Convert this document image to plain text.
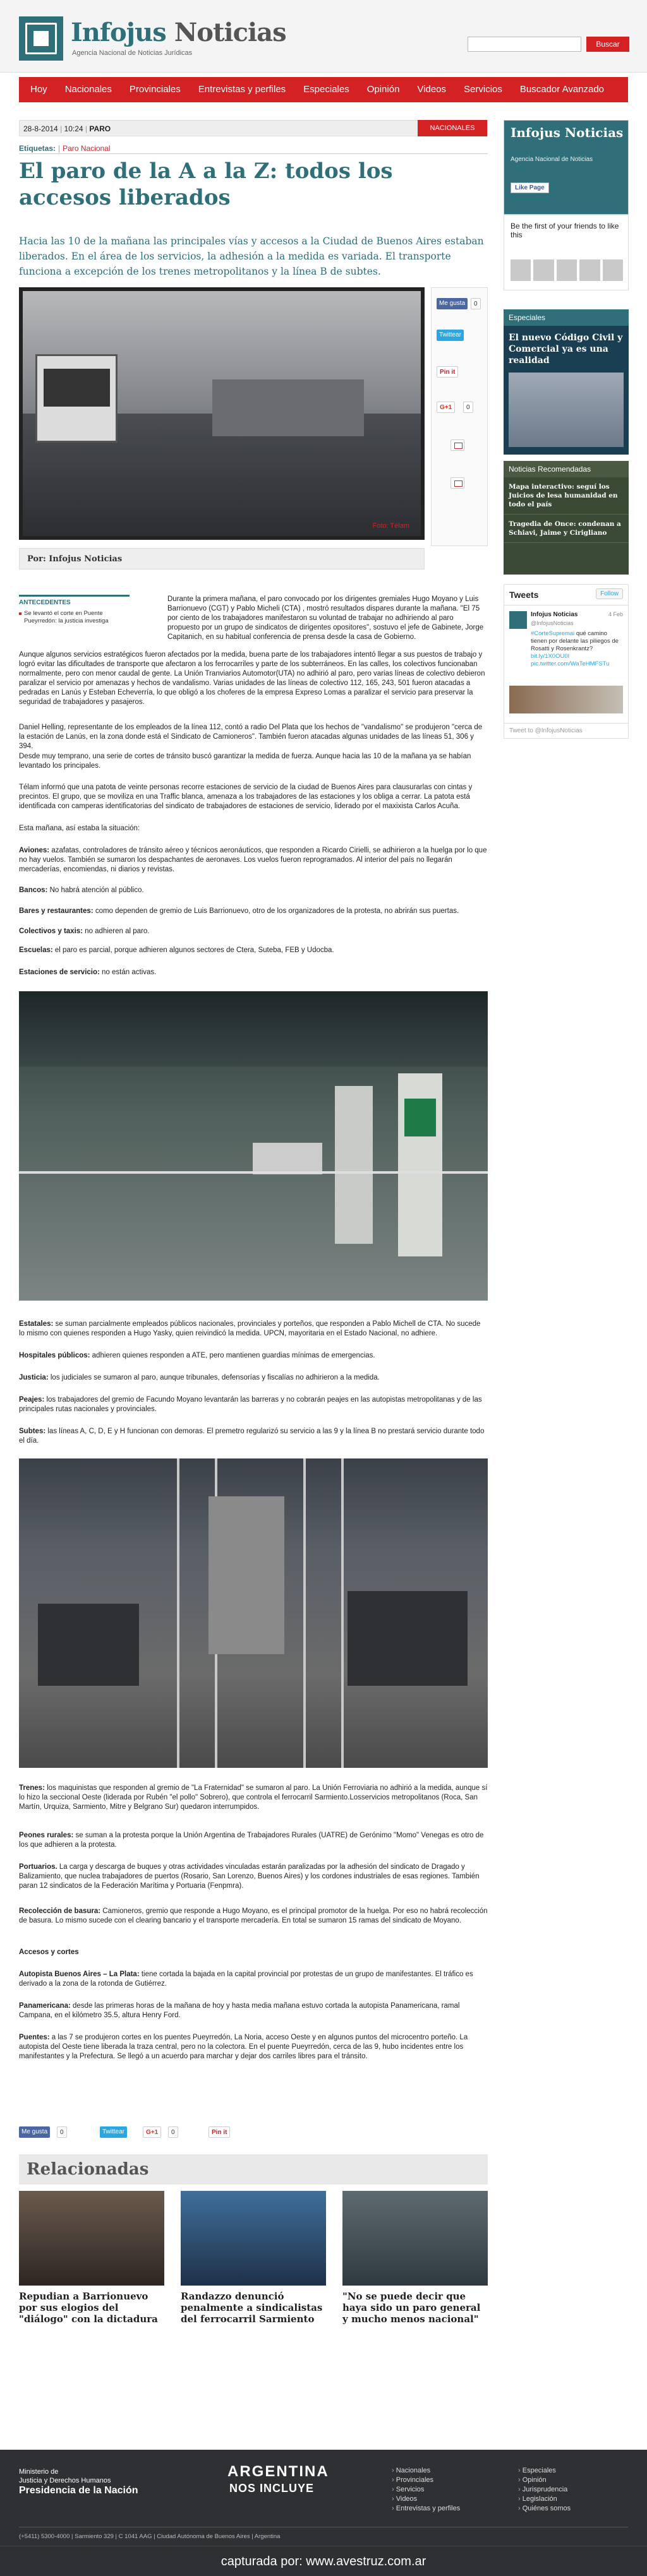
Infojus Noticias
Agencia Nacional de Noticias Jurídicas
Buscar
Hoy	Nacionales	Provinciales	Entrevistas y perfiles	Especiales	Opinión	Videos	Servicios	Buscador Avanzado
28-8-2014 | 10:24 | PARO	NACIONALES
Etiquetas: | Paro Nacional
El paro de la A a la Z: todos los accesos liberados

Hacia las 10 de la mañana las principales vías y accesos a la Ciudad de Buenos Aires estaban liberados. En el área de los servicios, la adhesión a la medida es variada. El transporte funciona a excepción de los trenes metropolitanos y la línea B de subtes.

Foto: Télam
Por: Infojus Noticias
Me gusta	0
Twittear
Pin it
G+1	0
Infojus Noticias
Agencia Nacional de Noticias
Like Page
Be the first of your friends to like this
Especiales
El nuevo Código Civil y Comercial ya es una realidad
Noticias Recomendadas
Mapa interactivo: seguí los Juicios de lesa humanidad en todo el país
Tragedia de Once: condenan a Schiavi, Jaime y Cirigliano
Tweets	Follow
Infojus Noticias
@InfojusNoticias
4 Feb
#CorteSupremai qué camino tienen por delante las piliegos de Rosatti y Rosenkrantz? bit.ly/1X0OU0I pic.twitter.com/WaTeHMFSTu
Tweet to @InfojusNoticias
ANTECEDENTES
Se levantó el corte en Puente Pueyrredón: la justicia investiga

Durante la primera mañana, el paro convocado por los dirigentes gremiales Hugo Moyano y Luis Barrionuevo (CGT) y Pablo Micheli (CTA) , mostró resultados dispares durante la mañana. "El 75 por ciento de los trabajadores manifestaron su voluntad de trabajar no adhiriendo al paro propuesto por un grupo de sindicatos de dirigentes opositores", sostuvo el jefe de Gabinete, Jorge Capitanich, en su habitual conferencia de prensa desde la casa de Gobierno.

Aunque algunos servicios estratégicos fueron afectados por la medida, buena parte de los trabajadores intentó llegar a sus puestos de trabajo y logró evitar las dificultades de transporte que afectaron a los ferrocarriles y parte de los subterráneos. En las calles, los colectivos funcionaban normalmente, pero con menor caudal de gente. La Unión Tranviarios Automotor(UTA) no adhirió al paro, pero varias líneas de colectivo debieron paralizar el servicio por amenazas y hechos de vandalismo. Varias unidades de las líneas de colectivo 112, 165, 243, 501 fueron atacadas a pedradas en Lanús y Esteban Echeverría, lo que obligó a los choferes de la empresa Expreso Lomas a paralizar el servicio para preservar la seguridad de trabajadores y pasajeros.

Daniel Helling, representante de los empleados de la línea 112, contó a radio Del Plata que los hechos de "vandalismo" se produjeron "cerca de la estación de Lanús, en la zona donde está el Sindicato de Camioneros". También fueron atacadas algunas unidades de las líneas 51, 306 y 394.

Desde muy temprano, una serie de cortes de tránsito buscó garantizar la medida de fuerza. Aunque hacia las 10 de la mañana ya se habían levantado los principales.

Télam informó que una patota de veinte personas recorre estaciones de servicio de la ciudad de Buenos Aires para clausurarlas con cintas y precintos. El grupo, que se moviliza en una Traffic blanca, amenaza a los trabajadores de las estaciones y los obliga a cerrar. La patota está identificada con camperas identificatorias del sindicato de trabajadores de estaciones de servicio, liderado por el maxixista Carlos Acuña.

Esta mañana, así estaba la situación:

Aviones: azafatas, controladores de tránsito aéreo y técnicos aeronáuticos, que responden a Ricardo Cirielli, se adhirieron a la huelga por lo que no hay vuelos. También se sumaron los despachantes de aeronaves. Los vuelos fueron reprogramados. Al interior del país no llegarán mercaderías, encomiendas, ni diarios y revistas.

Bancos: No habrá atención al público.

Bares y restaurantes: como dependen de gremio de Luis Barrionuevo, otro de los organizadores de la protesta, no abrirán sus puertas.

Colectivos y taxis: no adhieren al paro.

Escuelas: el paro es parcial, porque adhieren algunos sectores de Ctera, Suteba, FEB y Udocba.

Estaciones de servicio: no están activas.

Estatales: se suman parcialmente empleados públicos nacionales, provinciales y porteños, que responden a Pablo Michell de CTA. No sucede lo mismo con quienes responden a Hugo Yasky, quien reivindicó la medida. UPCN, mayoritaria en el Estado Nacional, no adhiere.

Hospitales públicos: adhieren quienes responden a ATE, pero mantienen guardias mínimas de emergencias.

Justicia: los judiciales se sumaron al paro, aunque tribunales, defensorías y fiscalías no adhirieron a la medida.

Peajes: los trabajadores del gremio de Facundo Moyano levantarán las barreras y no cobrarán peajes en las autopistas metropolitanas y de las principales rutas nacionales y provinciales.

Subtes: las líneas A, C, D, E y H funcionan con demoras. El premetro regularizó su servicio a las 9 y la línea B no prestará servicio durante todo el día.

Trenes: los maquinistas que responden al gremio de "La Fraternidad" se sumaron al paro. La Unión Ferroviaria no adhirió a la medida, aunque sí lo hizo la seccional Oeste (liderada por Rubén "el pollo" Sobrero), que controla el ferrocarril Sarmiento.Losservicios metropolitanos (Roca, San Martín, Urquiza, Sarmiento, Mitre y Belgrano Sur) quedaron interrumpidos.

Peones rurales: se suman a la protesta porque la Unión Argentina de Trabajadores Rurales (UATRE) de Gerónimo "Momo" Venegas es otro de los que adhieren a la protesta.

Portuarios. La carga y descarga de buques y otras actividades vinculadas estarán paralizadas por la adhesión del sindicato de Dragado y Balizamiento, que nuclea trabajadores de puertos (Rosario, San Lorenzo, Buenos Aires) y los cordones industriales de esas regiones. También paran 12 sindicatos de la Federación Marítima y Portuaria (Fenpmra).

Recolección de basura: Camioneros, gremio que responde a Hugo Moyano, es el principal promotor de la huelga. Por eso no habrá recolección de basura. Lo mismo sucede con el clearing bancario y el transporte mercadería. En total se sumaron 15 ramas del sindicato de Moyano.

Accesos y cortes

Autopista Buenos Aires – La Plata: tiene cortada la bajada en la capital provincial por protestas de un grupo de manifestantes. El tráfico es derivado a la zona de la rotonda de Gutiérrez.

Panamericana: desde las primeras horas de la mañana de hoy y hasta media mañana estuvo cortada la autopista Panamericana, ramal Campana, en el kilómetro 35.5, altura Henry Ford.

Puentes: a las 7 se produjeron cortes en los puentes Pueyrredón, La Noria, acceso Oeste y en algunos puntos del microcentro porteño. La autopista del Oeste tiene liberada la traza central, pero no la colectora. En el puente Pueyrredón, cerca de las 9, hubo incidentes entre los manifestantes y la Prefectura. Se llegó a un acuerdo para marchar y dejar dos carriles libres para el tránsito.

Me gusta	0	Twittear	G+1	0	Pin it
Relacionadas
Repudian a Barrionuevo por sus elogios del "diálogo" con la dictadura
Randazzo denunció penalmente a sindicalistas del ferrocarril Sarmiento
"No se puede decir que haya sido un paro general y mucho menos nacional"
Ministerio de
Justicia y Derechos Humanos
Presidencia de la Nación
ARGENTINA
NOS INCLUYE
› Nacionales
› Provinciales
› Servicios
› Videos
› Entrevistas y perfiles
› Especiales
› Opinión
› Jurisprudencia
› Legislación
› Quiénes somos
(+5411) 5300-4000 | Sarmiento 329 | C 1041 AAG | Ciudad Autónoma de Buenos Aires | Argentina
capturada por: www.avestruz.com.ar
